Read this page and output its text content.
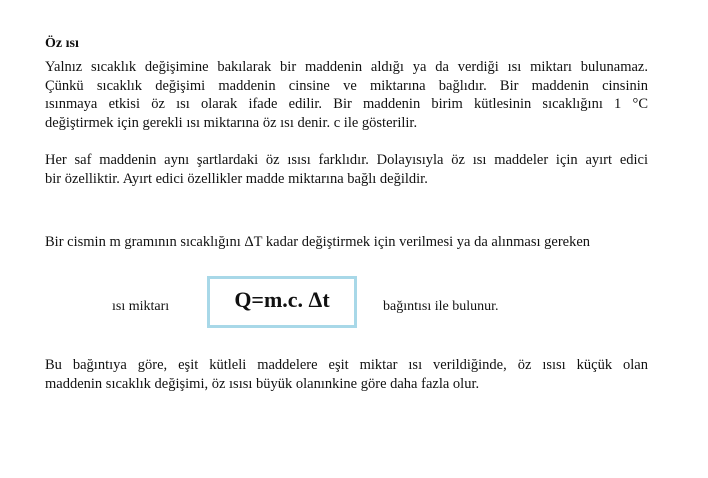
Öz ısı

Yalnız sıcaklık değişimine bakılarak bir maddenin aldığı ya da verdiği ısı miktarı bulunamaz.
Çünkü sıcaklık değişimi maddenin cinsine ve miktarına bağlıdır. Bir maddenin cinsinin
ısınmaya etkisi öz ısı olarak ifade edilir. Bir maddenin birim kütlesinin sıcaklığını 1 °C
değiştirmek için gerekli ısı miktarına öz ısı denir. c ile gösterilir.

Her saf maddenin aynı şartlardaki öz ısısı farklıdır. Dolayısıyla öz ısı maddeler için ayırt edici
bir özelliktir. Ayırt edici özellikler madde miktarına bağlı değildir.

Bir cismin m gramının sıcaklığını ΔT kadar değiştirmek için verilmesi ya da alınması gereken
ısı miktarı	Q=m.c. Δt	bağıntısı ile bulunur.

Bu bağıntıya göre, eşit kütleli maddelere eşit miktar ısı verildiğinde, öz ısısı küçük olan
maddenin sıcaklık değişimi, öz ısısı büyük olanınkine göre daha fazla olur.
